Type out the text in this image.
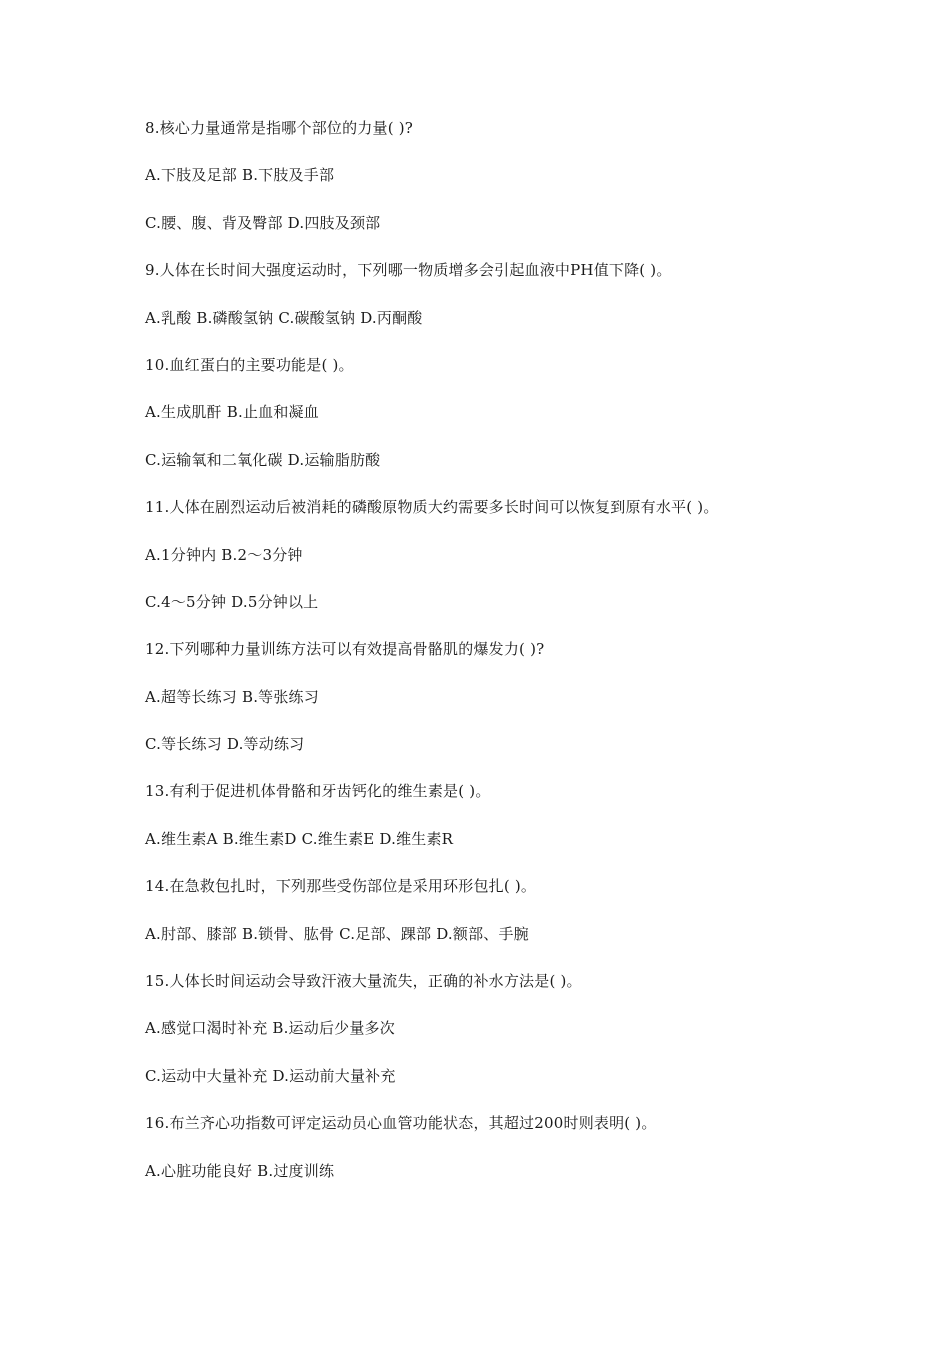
8.核心力量通常是指哪个部位的力量( )?
A.下肢及足部 B.下肢及手部
C.腰、腹、背及臀部 D.四肢及颈部
9.人体在长时间大强度运动时，下列哪一物质增多会引起血液中PH值下降( )。
A.乳酸 B.磷酸氢钠 C.碳酸氢钠 D.丙酮酸
10.血红蛋白的主要功能是( )。
A.生成肌酐 B.止血和凝血
C.运输氧和二氧化碳 D.运输脂肪酸
11.人体在剧烈运动后被消耗的磷酸原物质大约需要多长时间可以恢复到原有水平( )。
A.1分钟内 B.2～3分钟
C.4～5分钟 D.5分钟以上
12.下列哪种力量训练方法可以有效提高骨骼肌的爆发力( )?
A.超等长练习 B.等张练习
C.等长练习 D.等动练习
13.有利于促进机体骨骼和牙齿钙化的维生素是( )。
A.维生素A B.维生素D C.维生素E D.维生素R
14.在急救包扎时，下列那些受伤部位是采用环形包扎( )。
A.肘部、膝部 B.锁骨、肱骨 C.足部、踝部 D.额部、手腕
15.人体长时间运动会导致汗液大量流失，正确的补水方法是( )。
A.感觉口渴时补充 B.运动后少量多次
C.运动中大量补充 D.运动前大量补充
16.布兰齐心功指数可评定运动员心血管功能状态，其超过200时则表明( )。
A.心脏功能良好 B.过度训练
